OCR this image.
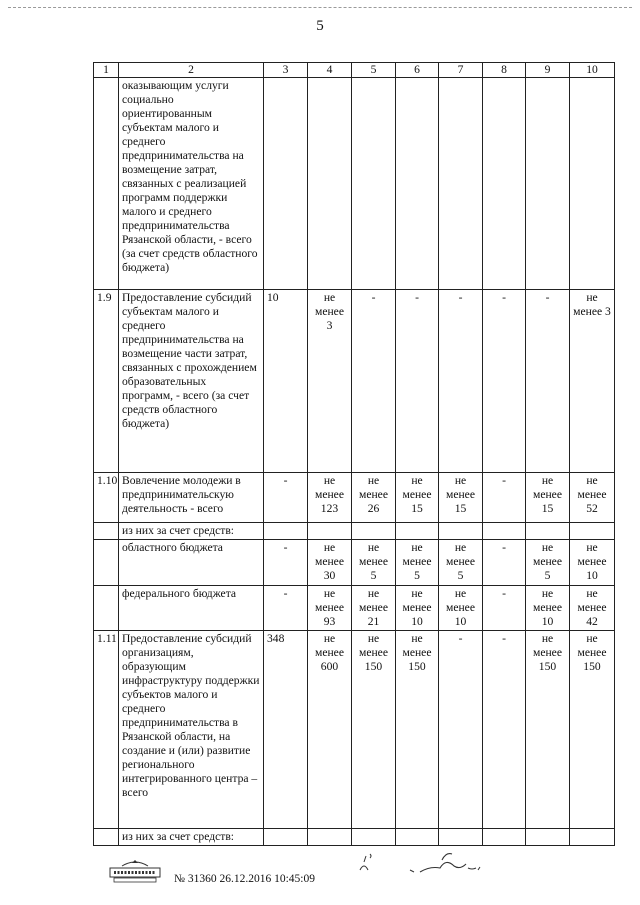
5
1	2	3	4	5	6	7	8	9	10
	оказывающим услуги социально ориентированным субъектам малого и среднего предпринимательства на возмещение затрат, связанных с реализацией программ поддержки малого и среднего предпринимательства Рязанской области, - всего (за счет средств областного бюджета)								
1.9	Предоставление субсидий субъектам малого и среднего предпринимательства на возмещение части затрат, связанных с прохождением образовательных программ, - всего (за счет средств областного бюджета)	10	не менее 3	-	-	-	-	-	не менее 3
1.10	Вовлечение молодежи в предпринимательскую деятельность - всего	-	не менее 123	не менее 26	не менее 15	не менее 15	-	не менее 15	не менее 52
	из них за счет средств:								
	областного бюджета	-	не менее 30	не менее 5	не менее 5	не менее 5	-	не менее 5	не менее 10
	федерального бюджета	-	не менее 93	не менее 21	не менее 10	не менее 10	-	не менее 10	не менее 42
1.11	Предоставление субсидий организациям, образующим инфраструктуру поддержки субъектов малого и среднего предпринимательства в Рязанской области, на создание и (или) развитие регионального интегрированного центра – всего	348	не менее 600	не менее 150	не менее 150	-	-	не менее 150	не менее 150
	из них за счет средств:								
№ 31360 26.12.2016 10:45:09
